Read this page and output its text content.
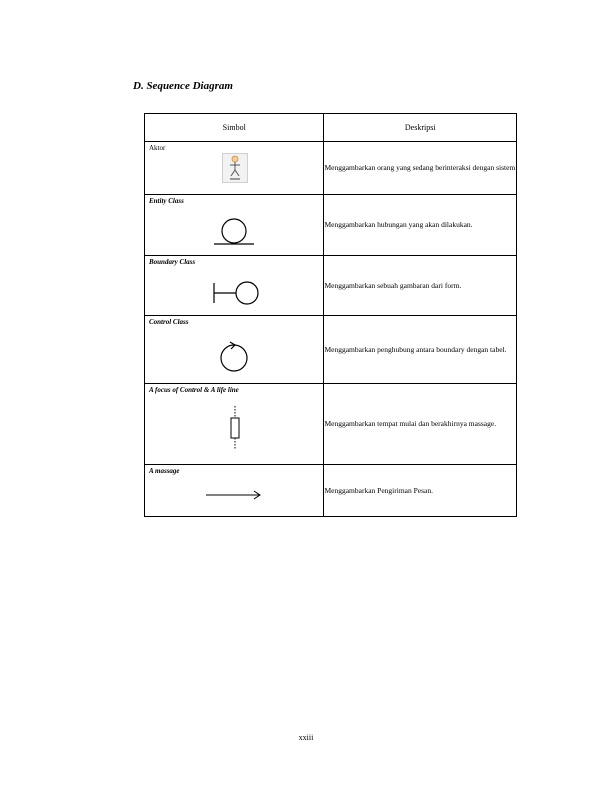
D. Sequence Diagram
Simbol	Deskripsi

Aktor	Menggambarkan orang yang sedang berinteraksi dengan sistem

Entity Class	Menggambarkan hubungan yang akan dilakukan.

Boundary Class	Menggambarkan sebuah gambaran dari form.

Control Class	Menggambarkan penghubung antara boundary dengan tabel.

A focus of Control & A life line	Menggambarkan tempat mulai dan berakhirnya massage.

A massage	Menggambarkan Pengiriman Pesan.
xxiii
